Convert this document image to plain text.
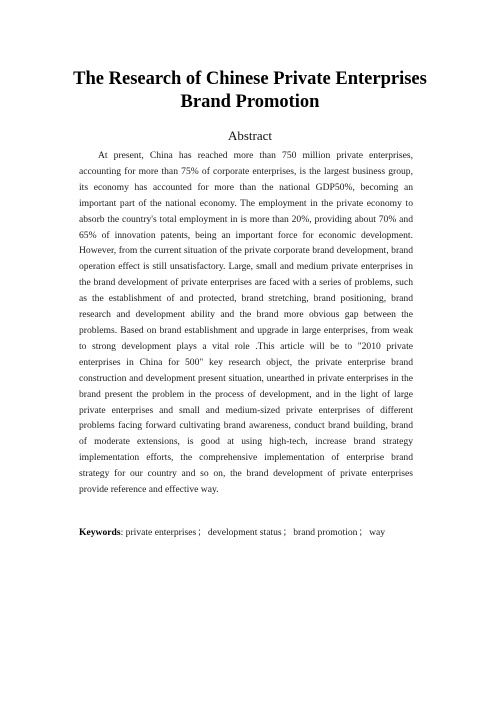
The Research of Chinese Private Enterprises
Brand Promotion
Abstract

At present, China has reached more than 750 million private enterprises, accounting for more than 75% of corporate enterprises, is the largest business group, its economy has accounted for more than the national GDP50%, becoming an important part of the national economy. The employment in the private economy to absorb the country's total employment in is more than 20%, providing about 70% and 65% of innovation patents, being an important force for economic development. However, from the current situation of the private corporate brand development, brand operation effect is still unsatisfactory. Large, small and medium private enterprises in the brand development of private enterprises are faced with a series of problems, such as the establishment of and protected, brand stretching, brand positioning, brand research and development ability and the brand more obvious gap between the problems. Based on brand establishment and upgrade in large enterprises, from weak to strong development plays a vital role .This article will be to "2010 private enterprises in China for 500" key research object, the private enterprise brand construction and development present situation, unearthed in private enterprises in the brand present the problem in the process of development, and in the light of large private enterprises and small and medium-sized private enterprises of different problems facing forward cultivating brand awareness, conduct brand building, brand of moderate extensions, is good at using high-tech, increase brand strategy implementation efforts, the comprehensive implementation of enterprise brand strategy for our country and so on, the brand development of private enterprises provide reference and effective way.

Keywords: private enterprises；development status；brand promotion；way
